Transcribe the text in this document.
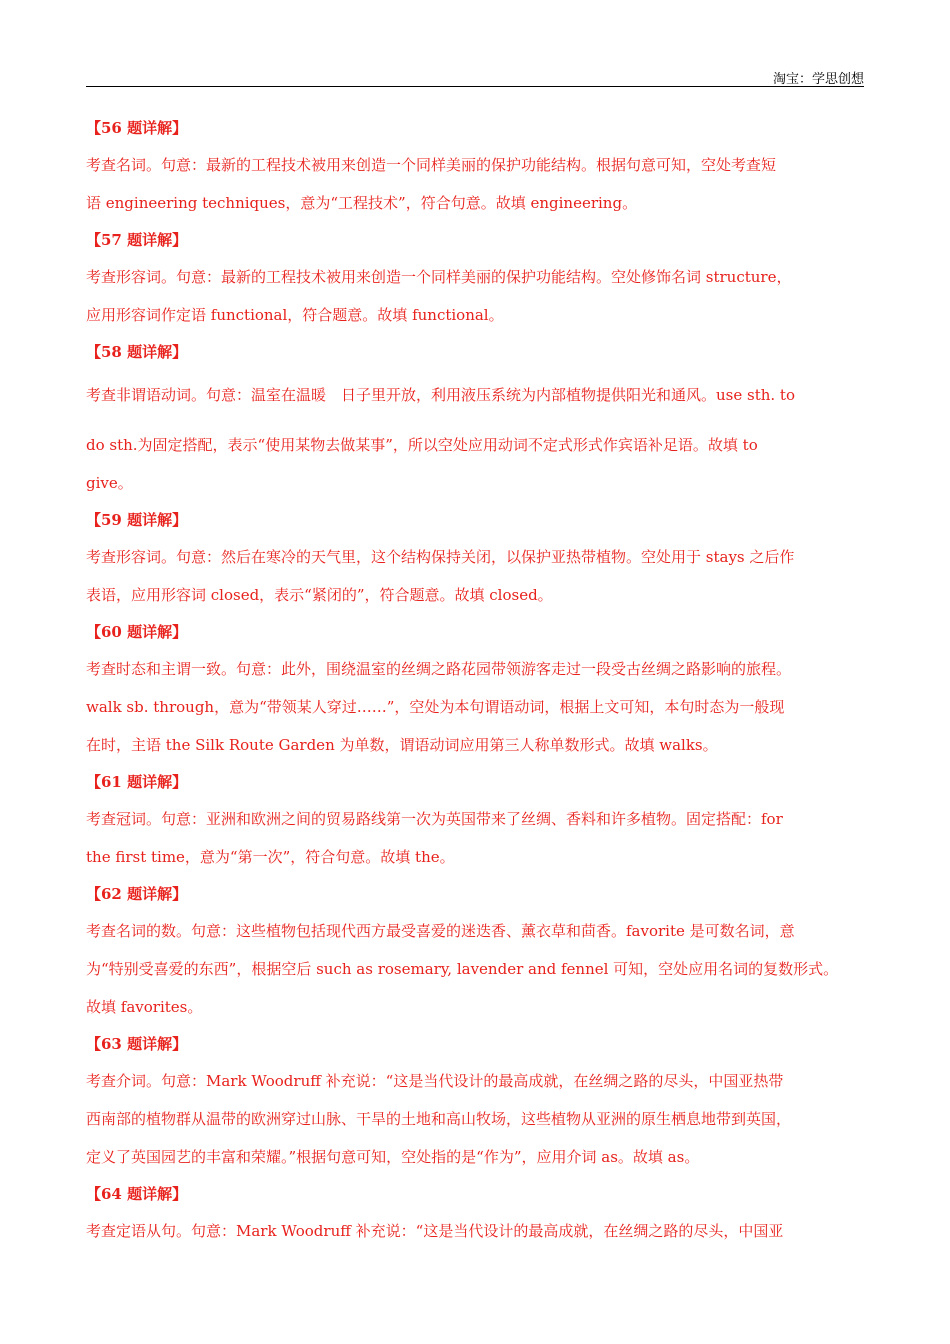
淘宝：学思创想
【56 题详解】
考查名词。句意：最新的工程技术被用来创造一个同样美丽的保护功能结构。根据句意可知，空处考查短
语 engineering techniques，意为“工程技术”，符合句意。故填 engineering。
【57 题详解】
考查形容词。句意：最新的工程技术被用来创造一个同样美丽的保护功能结构。空处修饰名词 structure，
应用形容词作定语 functional，符合题意。故填 functional。
【58 题详解】
考查非谓语动词。句意：温室在温暖　日子里开放，利用液压系统为内部植物提供阳光和通风。use sth. to
do sth.为固定搭配，表示“使用某物去做某事”，所以空处应用动词不定式形式作宾语补足语。故填 to
give。
【59 题详解】
考查形容词。句意：然后在寒冷的天气里，这个结构保持关闭，以保护亚热带植物。空处用于 stays 之后作
表语，应用形容词 closed，表示“紧闭的”，符合题意。故填 closed。
【60 题详解】
考查时态和主谓一致。句意：此外，围绕温室的丝绸之路花园带领游客走过一段受古丝绸之路影响的旅程。
walk sb. through，意为“带领某人穿过……”，空处为本句谓语动词，根据上文可知，本句时态为一般现
在时，主语 the Silk Route Garden 为单数，谓语动词应用第三人称单数形式。故填 walks。
【61 题详解】
考查冠词。句意：亚洲和欧洲之间的贸易路线第一次为英国带来了丝绸、香料和许多植物。固定搭配：for
the first time，意为“第一次”，符合句意。故填 the。
【62 题详解】
考查名词的数。句意：这些植物包括现代西方最受喜爱的迷迭香、薰衣草和茴香。favorite 是可数名词，意
为“特别受喜爱的东西”，根据空后 such as rosemary, lavender and fennel 可知，空处应用名词的复数形式。
故填 favorites。
【63 题详解】
考查介词。句意：Mark Woodruff 补充说：“这是当代设计的最高成就，在丝绸之路的尽头，中国亚热带
西南部的植物群从温带的欧洲穿过山脉、干旱的土地和高山牧场，这些植物从亚洲的原生栖息地带到英国，
定义了英国园艺的丰富和荣耀。”根据句意可知，空处指的是“作为”，应用介词 as。故填 as。
【64 题详解】
考查定语从句。句意：Mark Woodruff 补充说：“这是当代设计的最高成就，在丝绸之路的尽头，中国亚
